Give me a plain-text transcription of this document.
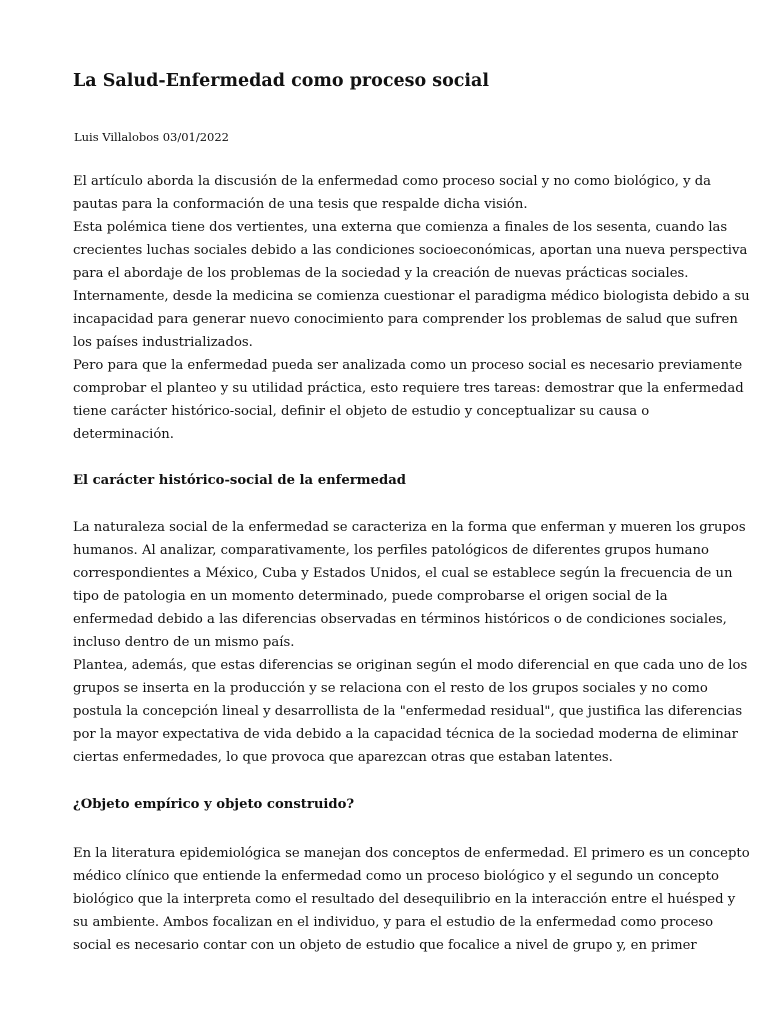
La Salud-Enfermedad como proceso social

Luis Villalobos 03/01/2022

El artículo aborda la discusión de la enfermedad como proceso social y no como biológico, y da
pautas para la conformación de una tesis que respalde dicha visión.
Esta polémica tiene dos vertientes, una externa que comienza a finales de los sesenta, cuando las
crecientes luchas sociales debido a las condiciones socioeconómicas, aportan una nueva perspectiva
para el abordaje de los problemas de la sociedad y la creación de nuevas prácticas sociales.
Internamente, desde la medicina se comienza cuestionar el paradigma médico biologista debido a su
incapacidad para generar nuevo conocimiento para comprender los problemas de salud que sufren
los países industrializados.
Pero para que la enfermedad pueda ser analizada como un proceso social es necesario previamente
comprobar el planteo y su utilidad práctica, esto requiere tres tareas: demostrar que la enfermedad
tiene carácter histórico-social, definir el objeto de estudio y conceptualizar su causa o
determinación.
El carácter histórico-social de la enfermedad
La naturaleza social de la enfermedad se caracteriza en la forma que enferman y mueren los grupos
humanos. Al analizar, comparativamente, los perfiles patológicos de diferentes grupos humano
correspondientes a México, Cuba y Estados Unidos, el cual se establece según la frecuencia de un
tipo de patologia en un momento determinado, puede comprobarse el origen social de la
enfermedad debido a las diferencias observadas en términos históricos o de condiciones sociales,
incluso dentro de un mismo país.
Plantea, además, que estas diferencias se originan según el modo diferencial en que cada uno de los
grupos se inserta en la producción y se relaciona con el resto de los grupos sociales y no como
postula la concepción lineal y desarrollista de la "enfermedad residual", que justifica las diferencias
por la mayor expectativa de vida debido a la capacidad técnica de la sociedad moderna de eliminar
ciertas enfermedades, lo que provoca que aparezcan otras que estaban latentes.
¿Objeto empírico y objeto construido?
En la literatura epidemiológica se manejan dos conceptos de enfermedad. El primero es un concepto
médico clínico que entiende la enfermedad como un proceso biológico y el segundo un concepto
biológico que la interpreta como el resultado del desequilibrio en la interacción entre el huésped y
su ambiente. Ambos focalizan en el individuo, y para el estudio de la enfermedad como proceso
social es necesario contar con un objeto de estudio que focalice a nivel de grupo y, en primer
